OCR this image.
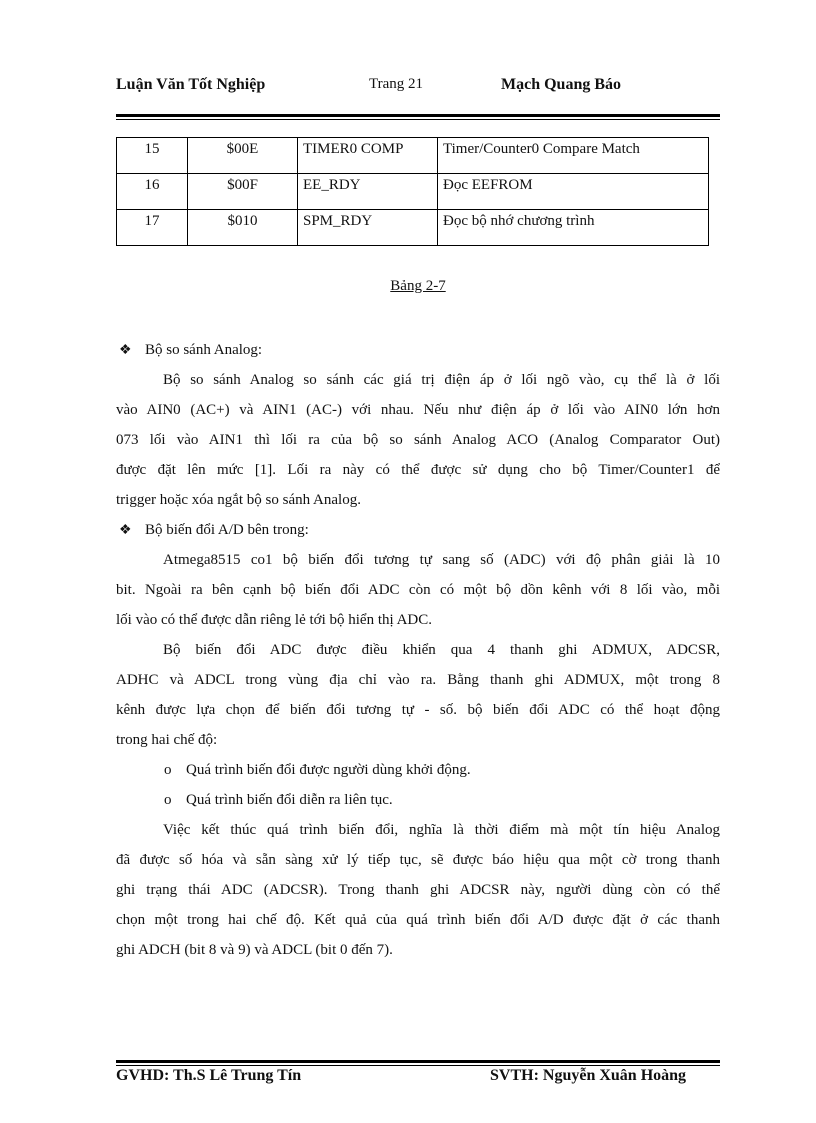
Luận Văn Tốt Nghiệp	Trang 21	Mạch Quang Báo
15	$00E	TIMER0 COMP	Timer/Counter0 Compare Match
16	$00F	EE_RDY	Đọc EEFROM
17	$010	SPM_RDY	Đọc bộ nhớ chương trình
Bảng 2-7
❖ Bộ so sánh Analog:
Bộ so sánh Analog so sánh các giá trị điện áp ở lối ngõ vào, cụ thể là ở lối
vào AIN0 (AC+) và AIN1 (AC-) với nhau. Nếu như điện áp ở lối vào AIN0 lớn hơn
073 lối vào AIN1 thì lối ra của bộ so sánh Analog ACO (Analog Comparator Out)
được đặt lên mức [1]. Lối ra này có thể được sử dụng cho bộ Timer/Counter1 để
trigger hoặc xóa ngắt bộ so sánh Analog.
❖ Bộ biến đổi A/D bên trong:
Atmega8515 co1 bộ biến đổi tương tự sang số (ADC) với độ phân giải là 10
bit. Ngoài ra bên cạnh bộ biến đổi ADC còn có một bộ dồn kênh với 8 lối vào, mỗi
lối vào có thể được dẫn riêng lẻ tới bộ hiển thị ADC.
Bộ biến đổi ADC được điều khiển qua 4 thanh ghi ADMUX, ADCSR,
ADHC và ADCL trong vùng địa chỉ vào ra. Bằng thanh ghi ADMUX, một trong 8
kênh được lựa chọn để biến đổi tương tự - số. bộ biến đổi ADC có thể hoạt động
trong hai chế độ:
o Quá trình biến đổi được người dùng khởi động.
o Quá trình biến đổi diễn ra liên tục.
Việc kết thúc quá trình biến đổi, nghĩa là thời điểm mà một tín hiệu Analog
đã được số hóa và sẵn sàng xử lý tiếp tục, sẽ được báo hiệu qua một cờ trong thanh
ghi trạng thái ADC (ADCSR). Trong thanh ghi ADCSR này, người dùng còn có thể
chọn một trong hai chế độ. Kết quả của quá trình biến đổi A/D được đặt ở các thanh
ghi ADCH (bit 8 và 9) và ADCL (bit 0 đến 7).
GVHD: Th.S Lê Trung Tín	SVTH: Nguyễn Xuân Hoàng
